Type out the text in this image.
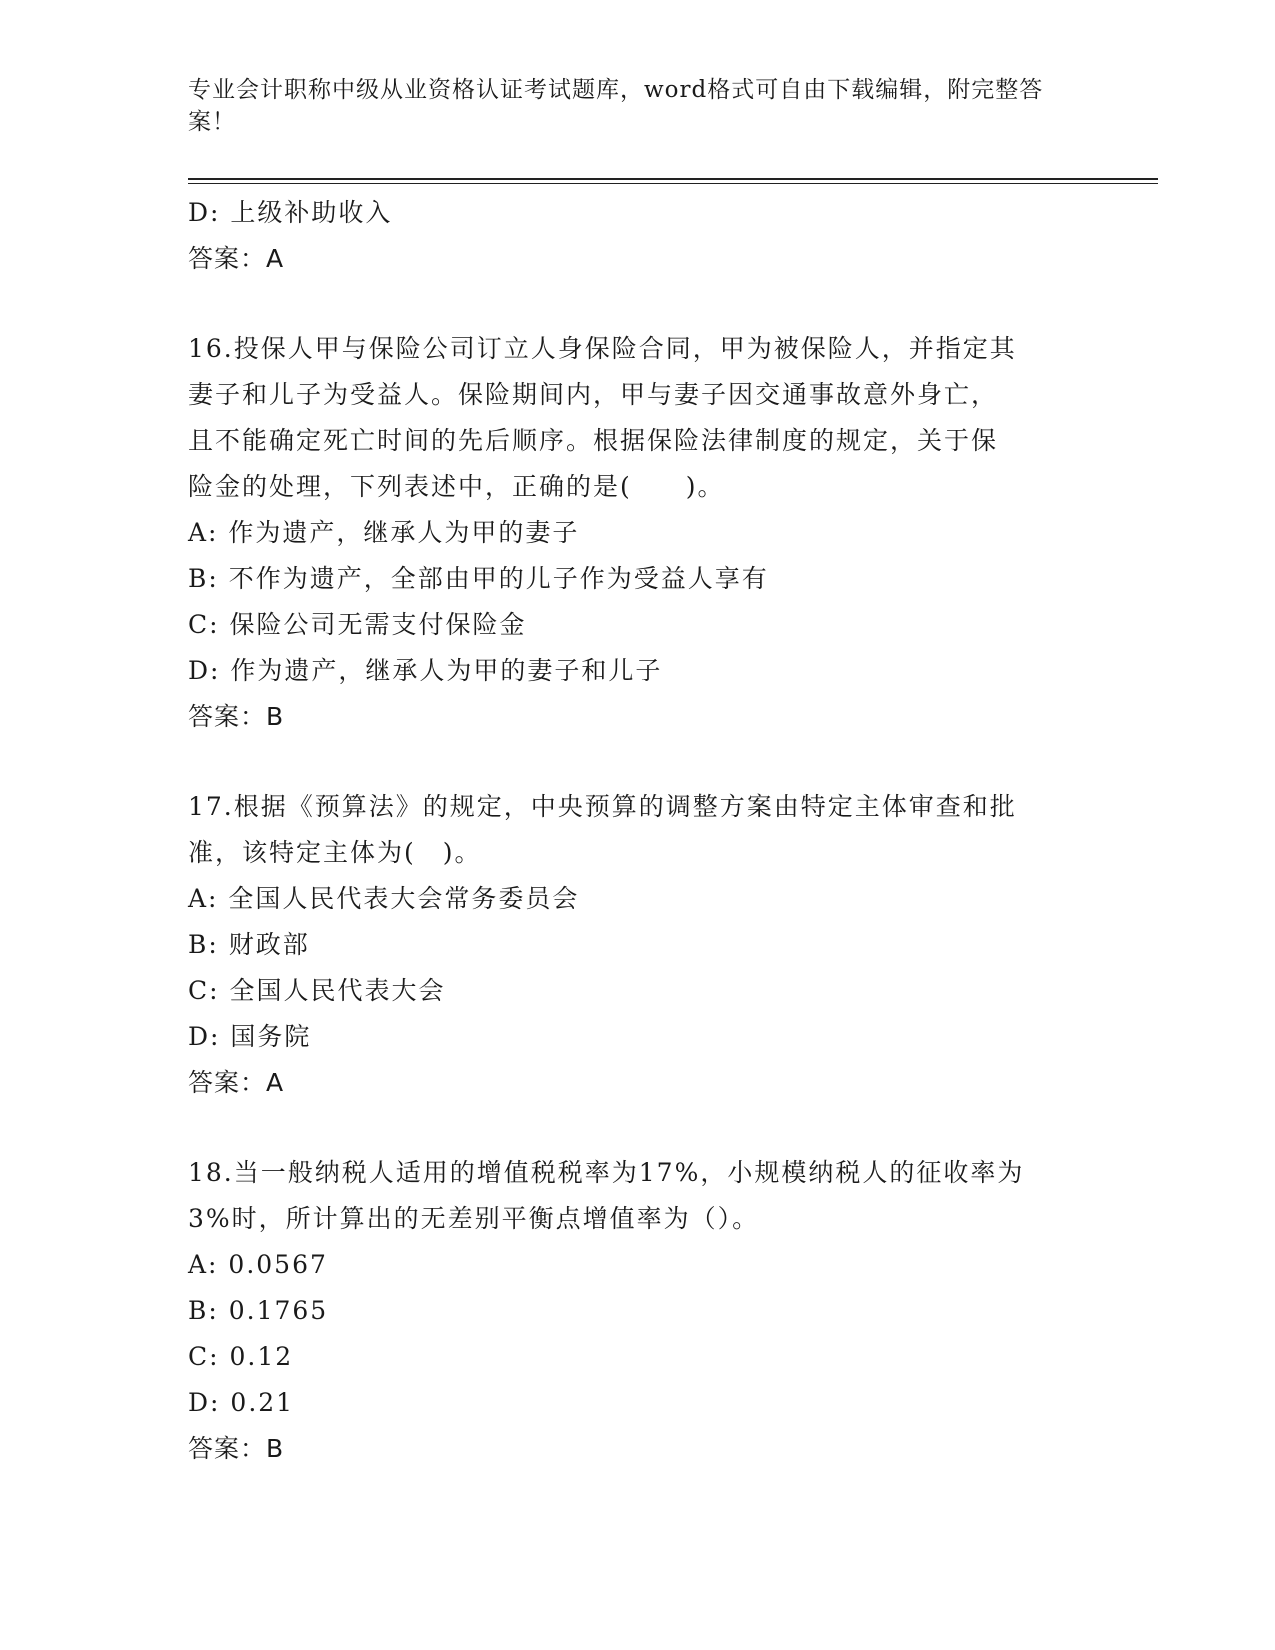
专业会计职称中级从业资格认证考试题库，word格式可自由下载编辑，附完整答案！
D: 上级补助收入
答案：A
16.投保人甲与保险公司订立人身保险合同，甲为被保险人，并指定其
妻子和儿子为受益人。保险期间内，甲与妻子因交通事故意外身亡，
且不能确定死亡时间的先后顺序。根据保险法律制度的规定，关于保
险金的处理，下列表述中，正确的是(　　)。
A: 作为遗产，继承人为甲的妻子
B: 不作为遗产，全部由甲的儿子作为受益人享有
C: 保险公司无需支付保险金
D: 作为遗产，继承人为甲的妻子和儿子
答案：B
17.根据《预算法》的规定，中央预算的调整方案由特定主体审查和批
准，该特定主体为(　)。
A: 全国人民代表大会常务委员会
B: 财政部
C: 全国人民代表大会
D: 国务院
答案：A
18.当一般纳税人适用的增值税税率为17%，小规模纳税人的征收率为
3%时，所计算出的无差别平衡点增值率为（）。
A: 0.0567
B: 0.1765
C: 0.12
D: 0.21
答案：B
